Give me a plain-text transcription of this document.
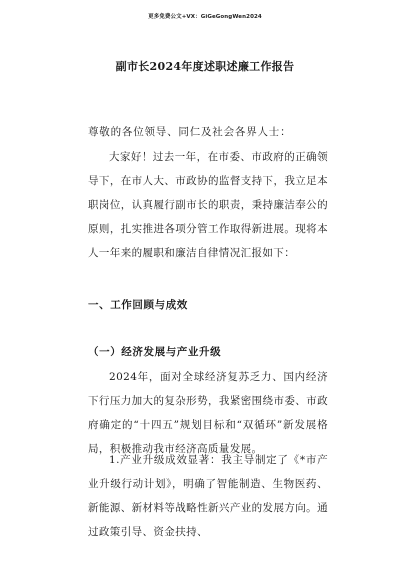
更多免费公文+VX：GiGeGongWen2024
副市长2024年度述职述廉工作报告
尊敬的各位领导、同仁及社会各界人士：

大家好！过去一年，在市委、市政府的正确领导下，在市人大、市政协的监督支持下，我立足本职岗位，认真履行副市长的职责，秉持廉洁奉公的原则，扎实推进各项分管工作取得新进展。现将本人一年来的履职和廉洁自律情况汇报如下：

一、工作回顾与成效
（一）经济发展与产业升级

2024年，面对全球经济复苏乏力、国内经济下行压力加大的复杂形势，我紧密围绕市委、市政府确定的“十四五”规划目标和“双循环”新发展格局，积极推动我市经济高质量发展。

1.产业升级成效显著：我主导制定了《*市产业升级行动计划》，明确了智能制造、生物医药、新能源、新材料等战略性新兴产业的发展方向。通过政策引导、资金扶持、
